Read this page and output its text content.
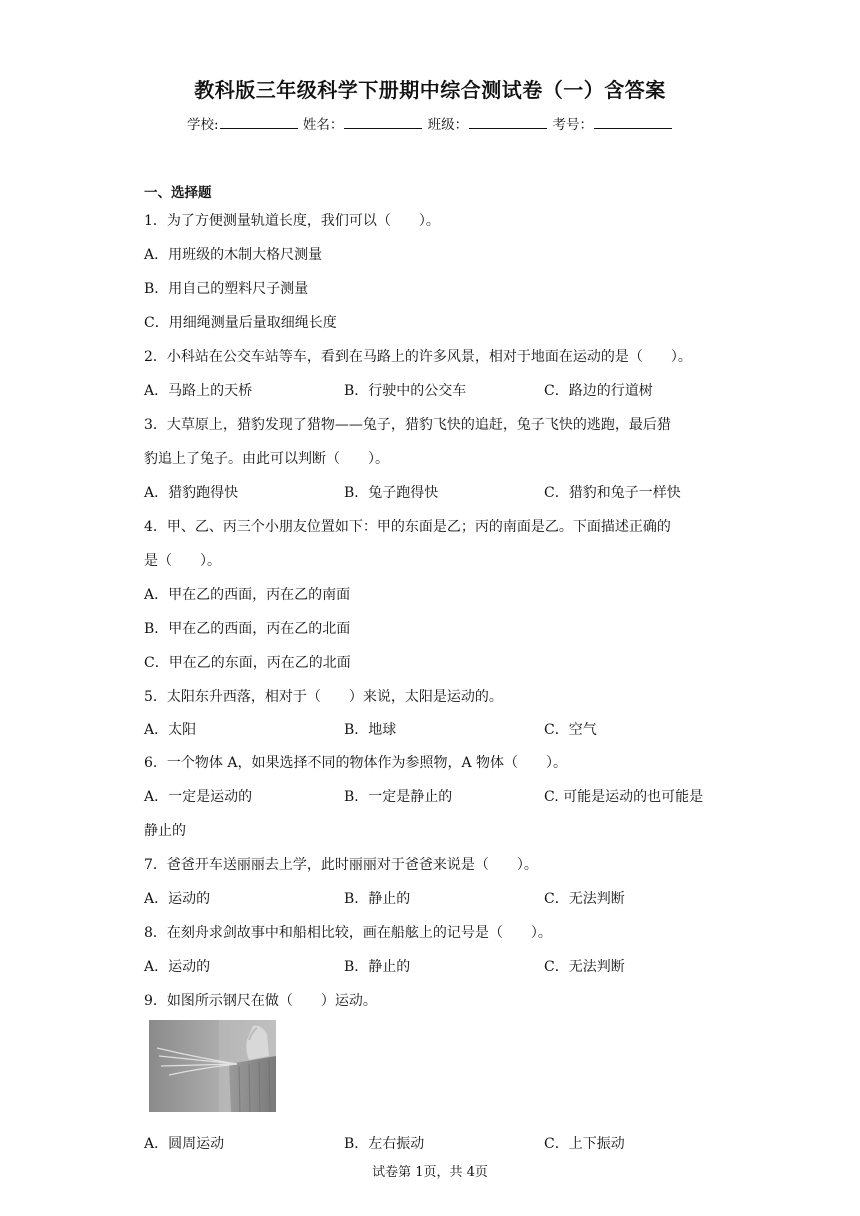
教科版三年级科学下册期中综合测试卷（一）含答案
学校:	姓名：	班级：	考号：
一、选择题
1．为了方便测量轨道长度，我们可以（　　）。
A．用班级的木制大格尺测量
B．用自己的塑料尺子测量
C．用细绳测量后量取细绳长度
2．小科站在公交车站等车，看到在马路上的许多风景，相对于地面在运动的是（　　）。
A．马路上的天桥	B．行驶中的公交车	C．路边的行道树
3．大草原上，猎豹发现了猎物——兔子，猎豹飞快的追赶，兔子飞快的逃跑，最后猎
豹追上了兔子。由此可以判断（　　）。
A．猎豹跑得快	B．兔子跑得快	C．猎豹和兔子一样快
4．甲、乙、丙三个小朋友位置如下：甲的东面是乙；丙的南面是乙。下面描述正确的
是（　　）。
A．甲在乙的西面，丙在乙的南面
B．甲在乙的西面，丙在乙的北面
C．甲在乙的东面，丙在乙的北面
5．太阳东升西落，相对于（　　）来说，太阳是运动的。
A．太阳	B．地球	C．空气
6．一个物体 A，如果选择不同的物体作为参照物，A 物体（　　）。
A．一定是运动的	B．一定是静止的	C. 可能是运动的也可能是
静止的
7．爸爸开车送丽丽去上学，此时丽丽对于爸爸来说是（　　）。
A．运动的	B．静止的	C．无法判断
8．在刻舟求剑故事中和船相比较，画在船舷上的记号是（　　）。
A．运动的	B．静止的	C．无法判断
9．如图所示钢尺在做（　　）运动。
A．圆周运动	B．左右振动	C．上下振动
试卷第 1页，共 4页
